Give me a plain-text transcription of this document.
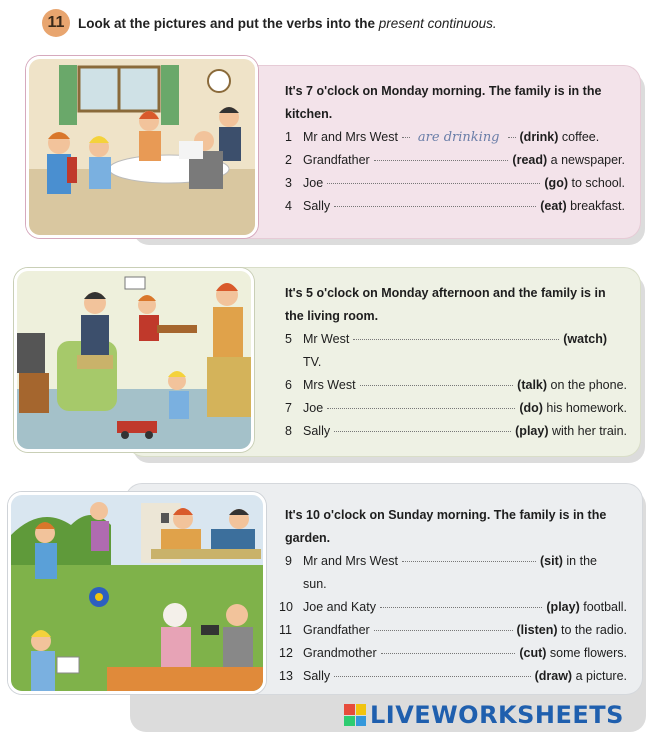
11	Look at the pictures and put the verbs into the present continuous.
It's 7 o'clock on Monday morning. The family is in the kitchen.
1 Mr and Mrs West are drinking (drink)
coffee.
2 Grandfather	(read)
a newspaper.
3 Joe	(go)
to school.
4 Sally	(eat)
breakfast.
It's 5 o'clock on Monday afternoon and the family is in the living room.
5 Mr West	(watch)
TV.
6 Mrs West	(talk)
on the phone.
7 Joe	(do)
his homework.
8 Sally	(play)
with her train.
It's 10 o'clock on Sunday morning. The family is in the garden.
9 Mr and Mrs West	(sit)
in the
sun.
10 Joe and Katy	(play)
football.
11 Grandfather	(listen)
to the radio.
12 Grandmother	(cut)
some flowers.
13 Sally	(draw)
a picture.
LIVEWORKSHEETS
